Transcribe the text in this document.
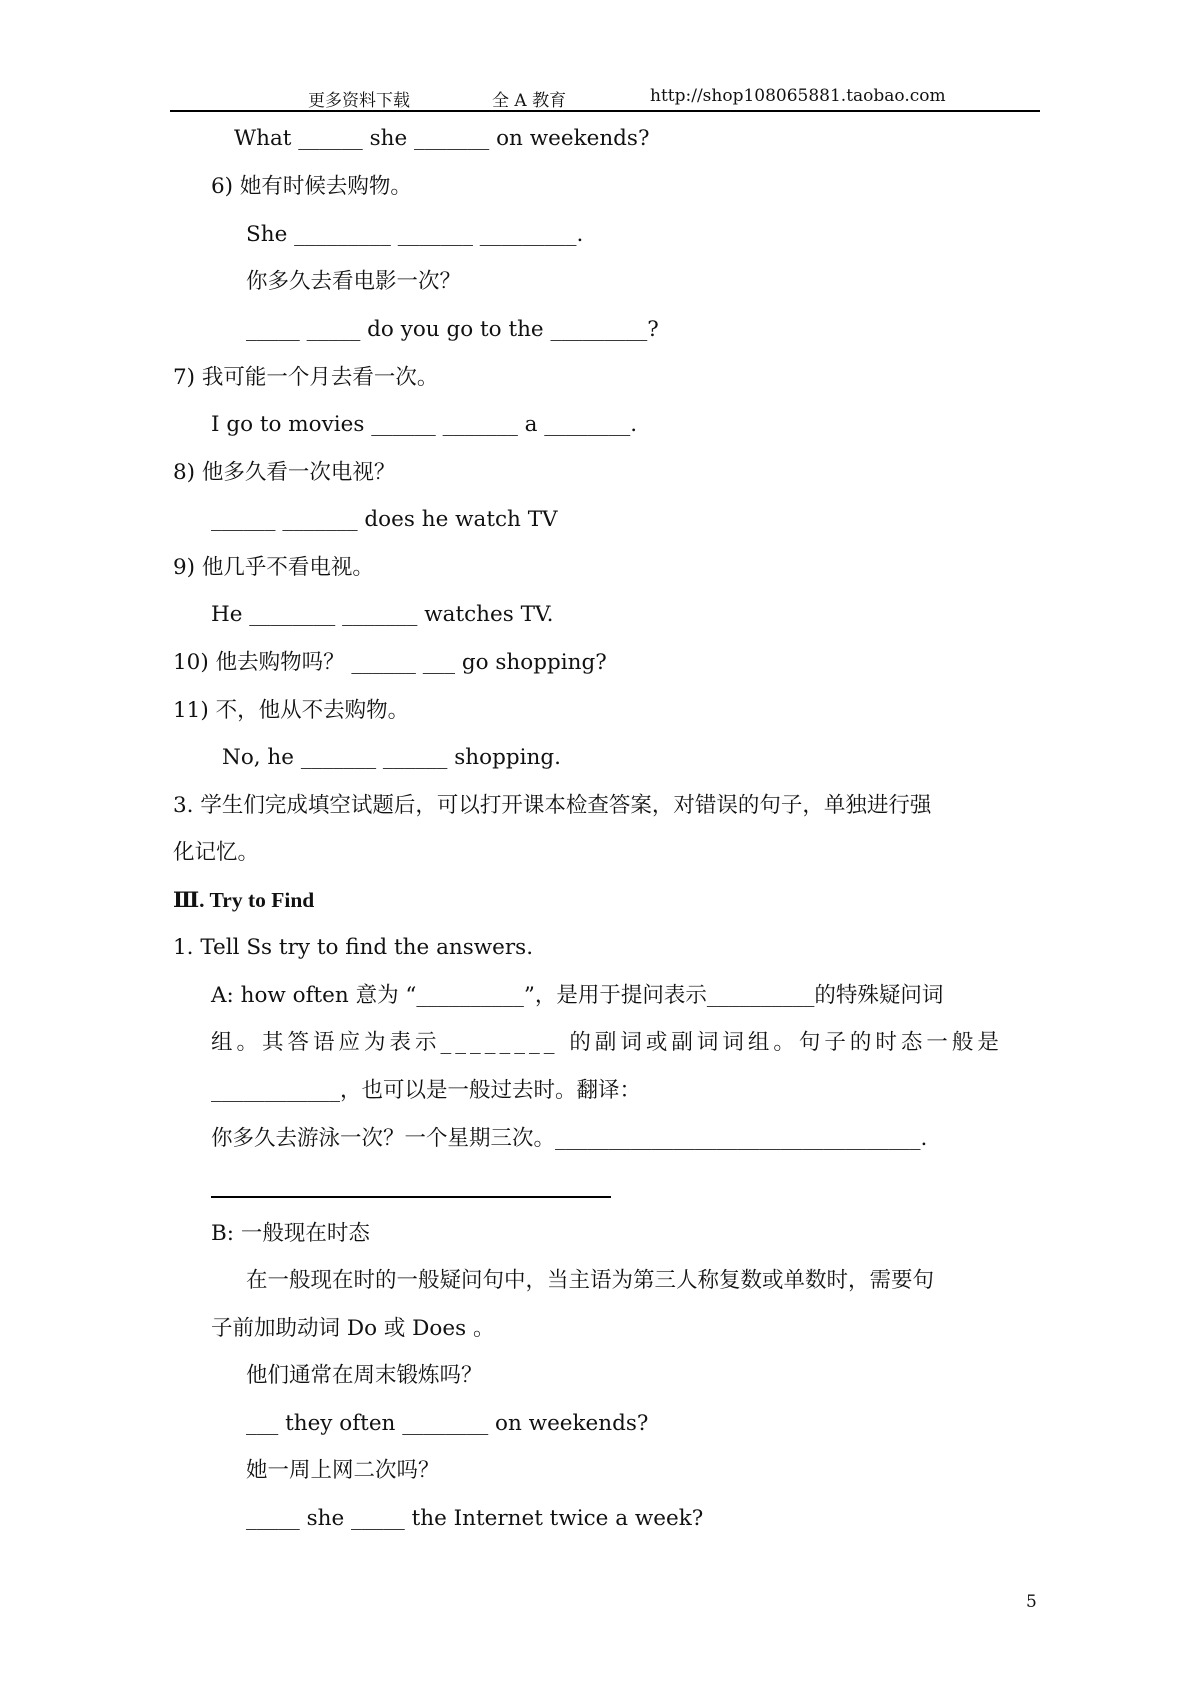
更多资料下载	全 A 教育	http://shop108065881.taobao.com
What ______ she _______ on weekends?
6) 她有时候去购物。
She _________ _______ _________.
你多久去看电影一次？
_____ _____ do you go to the _________?
7) 我可能一个月去看一次。
I go to movies ______ _______ a ________.
8) 他多久看一次电视？
______ _______ does he watch TV
9) 他几乎不看电视。
He ________ _______ watches TV.
10) 他去购物吗？ ______ ___ go shopping?
11) 不，他从不去购物。
No, he _______ ______ shopping.
3. 学生们完成填空试题后，可以打开课本检查答案，对错误的句子，单独进行强
化记忆。
Ⅲ. Try to Find
1. Tell Ss try to find the answers.
A: how often 意为 “__________”，是用于提问表示__________的特殊疑问词
组。其答语应为表示________ 的副词或副词词组。句子的时态一般是
____________，也可以是一般过去时。翻译：
你多久去游泳一次？一个星期三次。__________________________________.
B: 一般现在时态
在一般现在时的一般疑问句中，当主语为第三人称复数或单数时，需要句
子前加助动词 Do 或 Does 。
他们通常在周末锻炼吗？
___ they often ________ on weekends?
她一周上网二次吗？
_____ she _____ the Internet twice a week?
5
